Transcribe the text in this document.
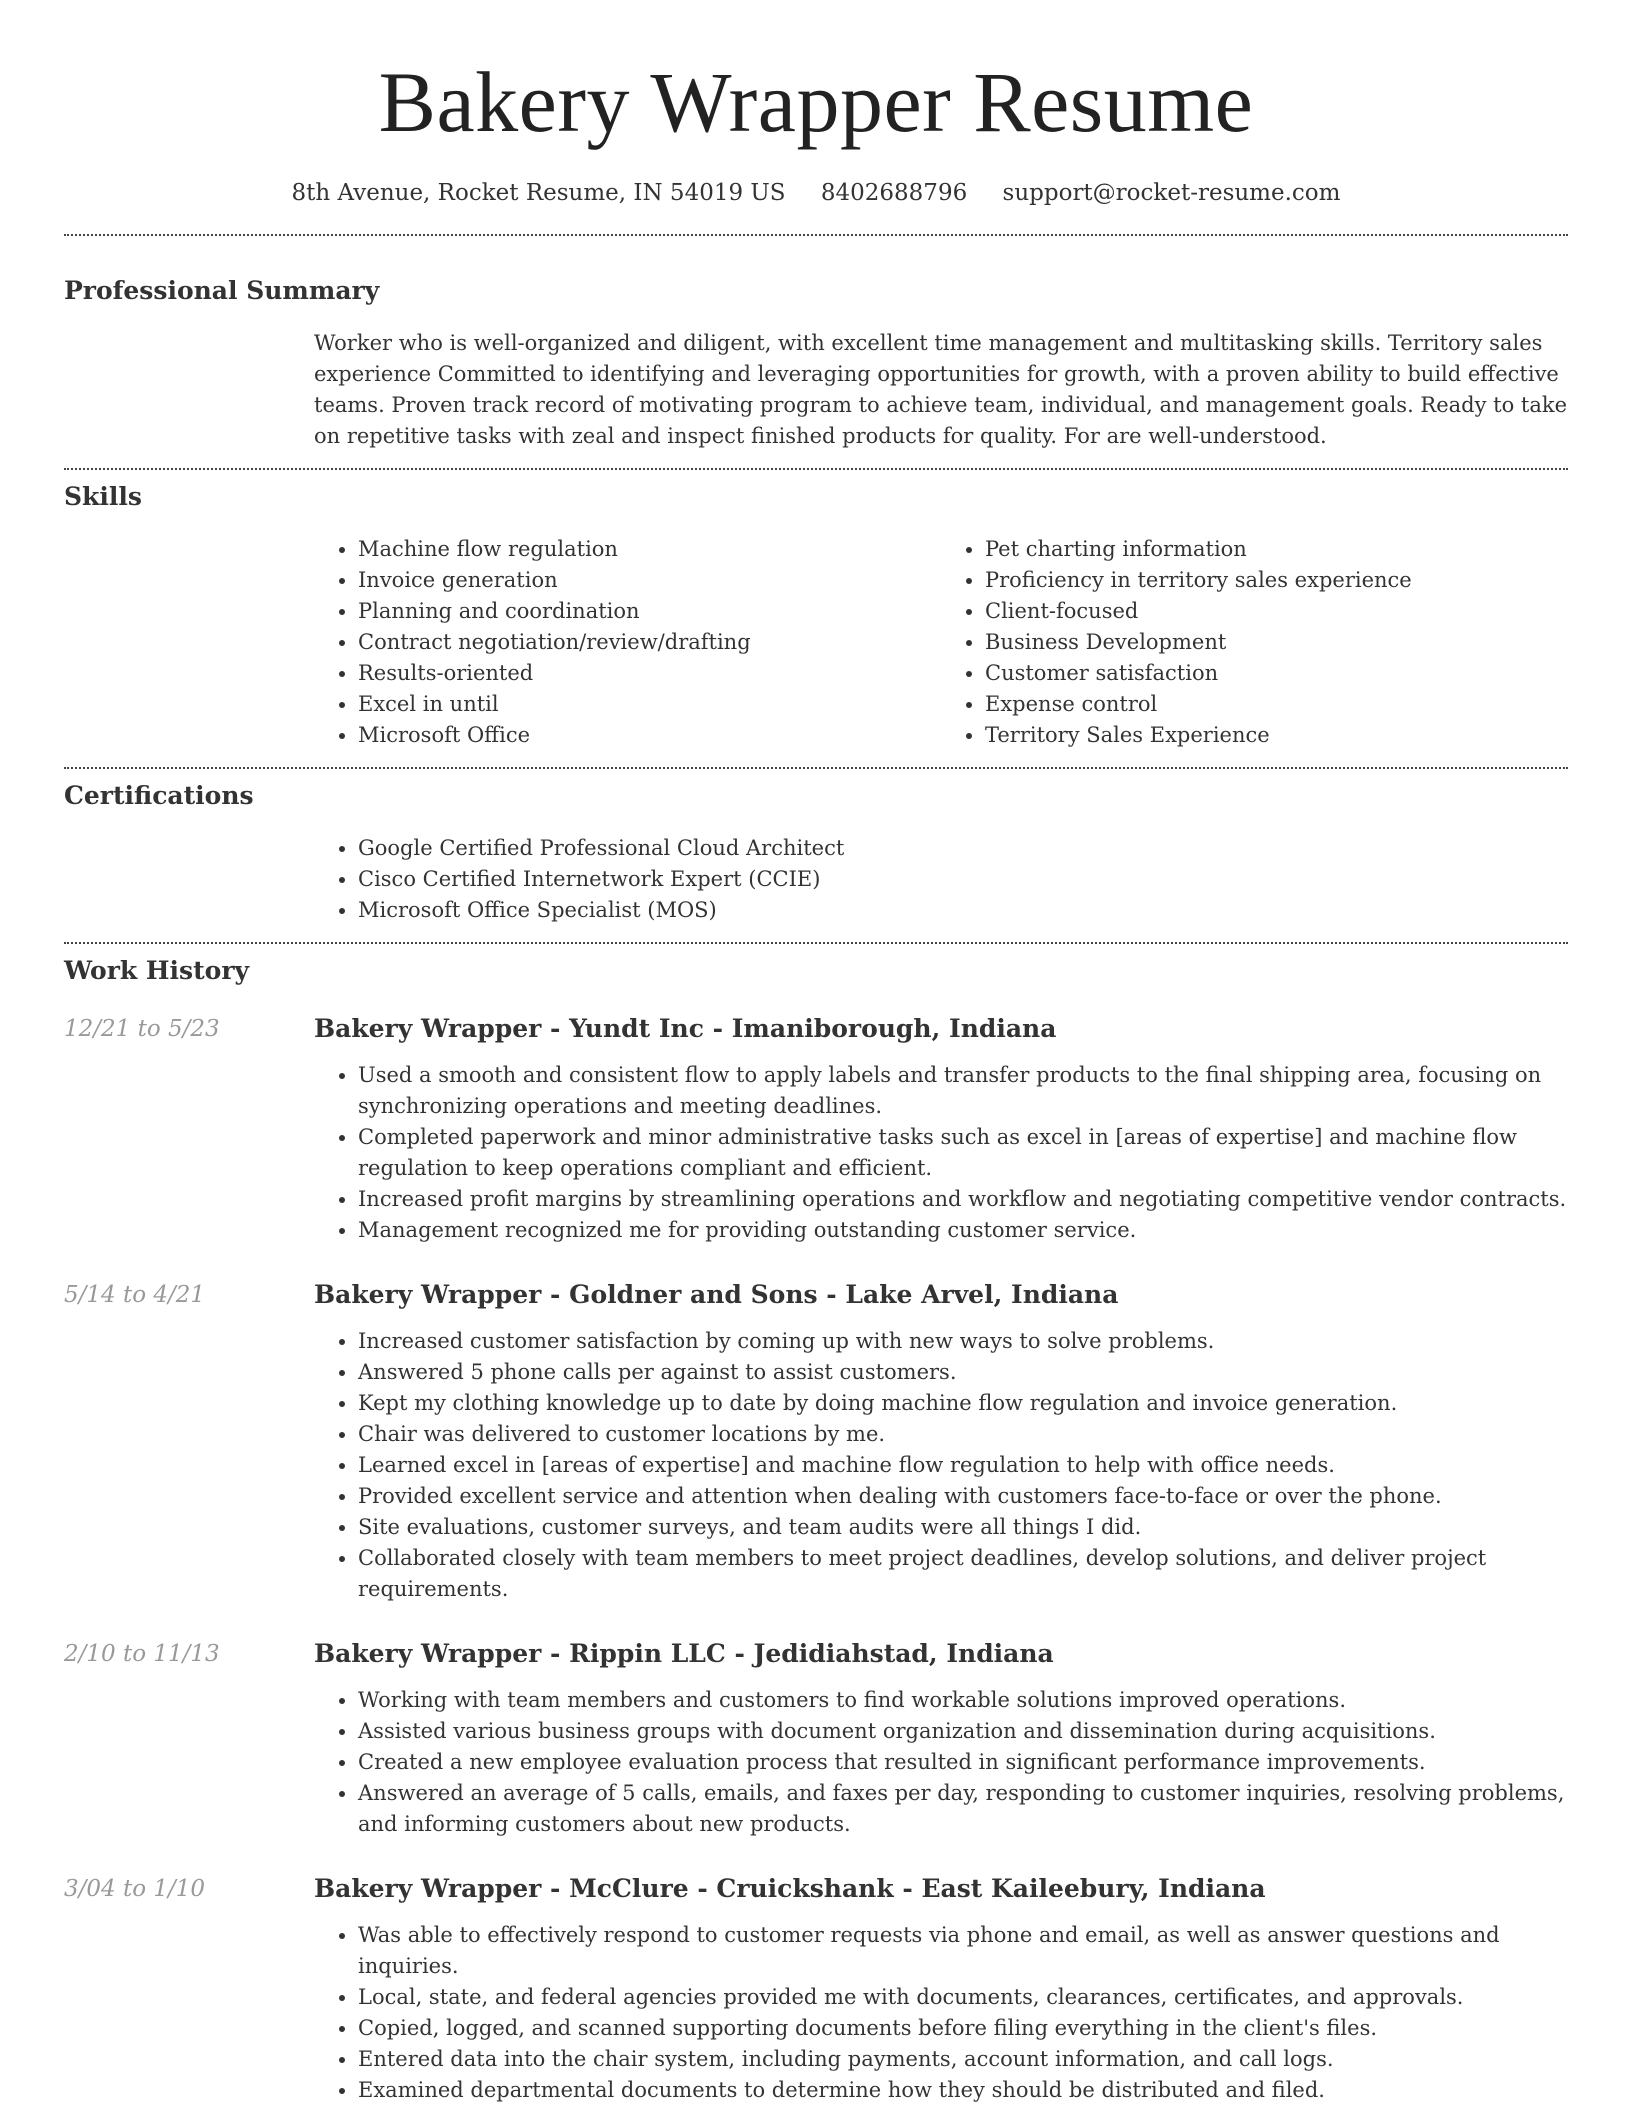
Bakery Wrapper Resume
8th Avenue, Rocket Resume, IN 54019 US 8402688796 support@rocket-resume.com
Professional Summary

Worker who is well-organized and diligent, with excellent time management and multitasking skills. Territory sales experience Committed to identifying and leveraging opportunities for growth, with a proven ability to build effective teams. Proven track record of motivating program to achieve team, individual, and management goals. Ready to take on repetitive tasks with zeal and inspect finished products for quality. For are well-understood.

Skills
• Machine flow regulation
• Invoice generation
• Planning and coordination
• Contract negotiation/review/drafting
• Results-oriented
• Excel in until
• Microsoft Office
• Pet charting information
• Proficiency in territory sales experience
• Client-focused
• Business Development
• Customer satisfaction
• Expense control
• Territory Sales Experience
Certifications
• Google Certified Professional Cloud Architect
• Cisco Certified Internetwork Expert (CCIE)
• Microsoft Office Specialist (MOS)
Work History
12/21 to 5/23	Bakery Wrapper - Yundt Inc - Imaniborough, Indiana
• Used a smooth and consistent flow to apply labels and transfer products to the final shipping area, focusing on synchronizing operations and meeting deadlines.
• Completed paperwork and minor administrative tasks such as excel in [areas of expertise] and machine flow regulation to keep operations compliant and efficient.
• Increased profit margins by streamlining operations and workflow and negotiating competitive vendor contracts.
• Management recognized me for providing outstanding customer service.
5/14 to 4/21	Bakery Wrapper - Goldner and Sons - Lake Arvel, Indiana
• Increased customer satisfaction by coming up with new ways to solve problems.
• Answered 5 phone calls per against to assist customers.
• Kept my clothing knowledge up to date by doing machine flow regulation and invoice generation.
• Chair was delivered to customer locations by me.
• Learned excel in [areas of expertise] and machine flow regulation to help with office needs.
• Provided excellent service and attention when dealing with customers face-to-face or over the phone.
• Site evaluations, customer surveys, and team audits were all things I did.
• Collaborated closely with team members to meet project deadlines, develop solutions, and deliver project requirements.
2/10 to 11/13	Bakery Wrapper - Rippin LLC - Jedidiahstad, Indiana
• Working with team members and customers to find workable solutions improved operations.
• Assisted various business groups with document organization and dissemination during acquisitions.
• Created a new employee evaluation process that resulted in significant performance improvements.
• Answered an average of 5 calls, emails, and faxes per day, responding to customer inquiries, resolving problems, and informing customers about new products.
3/04 to 1/10	Bakery Wrapper - McClure - Cruickshank - East Kaileebury, Indiana
• Was able to effectively respond to customer requests via phone and email, as well as answer questions and inquiries.
• Local, state, and federal agencies provided me with documents, clearances, certificates, and approvals.
• Copied, logged, and scanned supporting documents before filing everything in the client's files.
• Entered data into the chair system, including payments, account information, and call logs.
• Examined departmental documents to determine how they should be distributed and filed.
